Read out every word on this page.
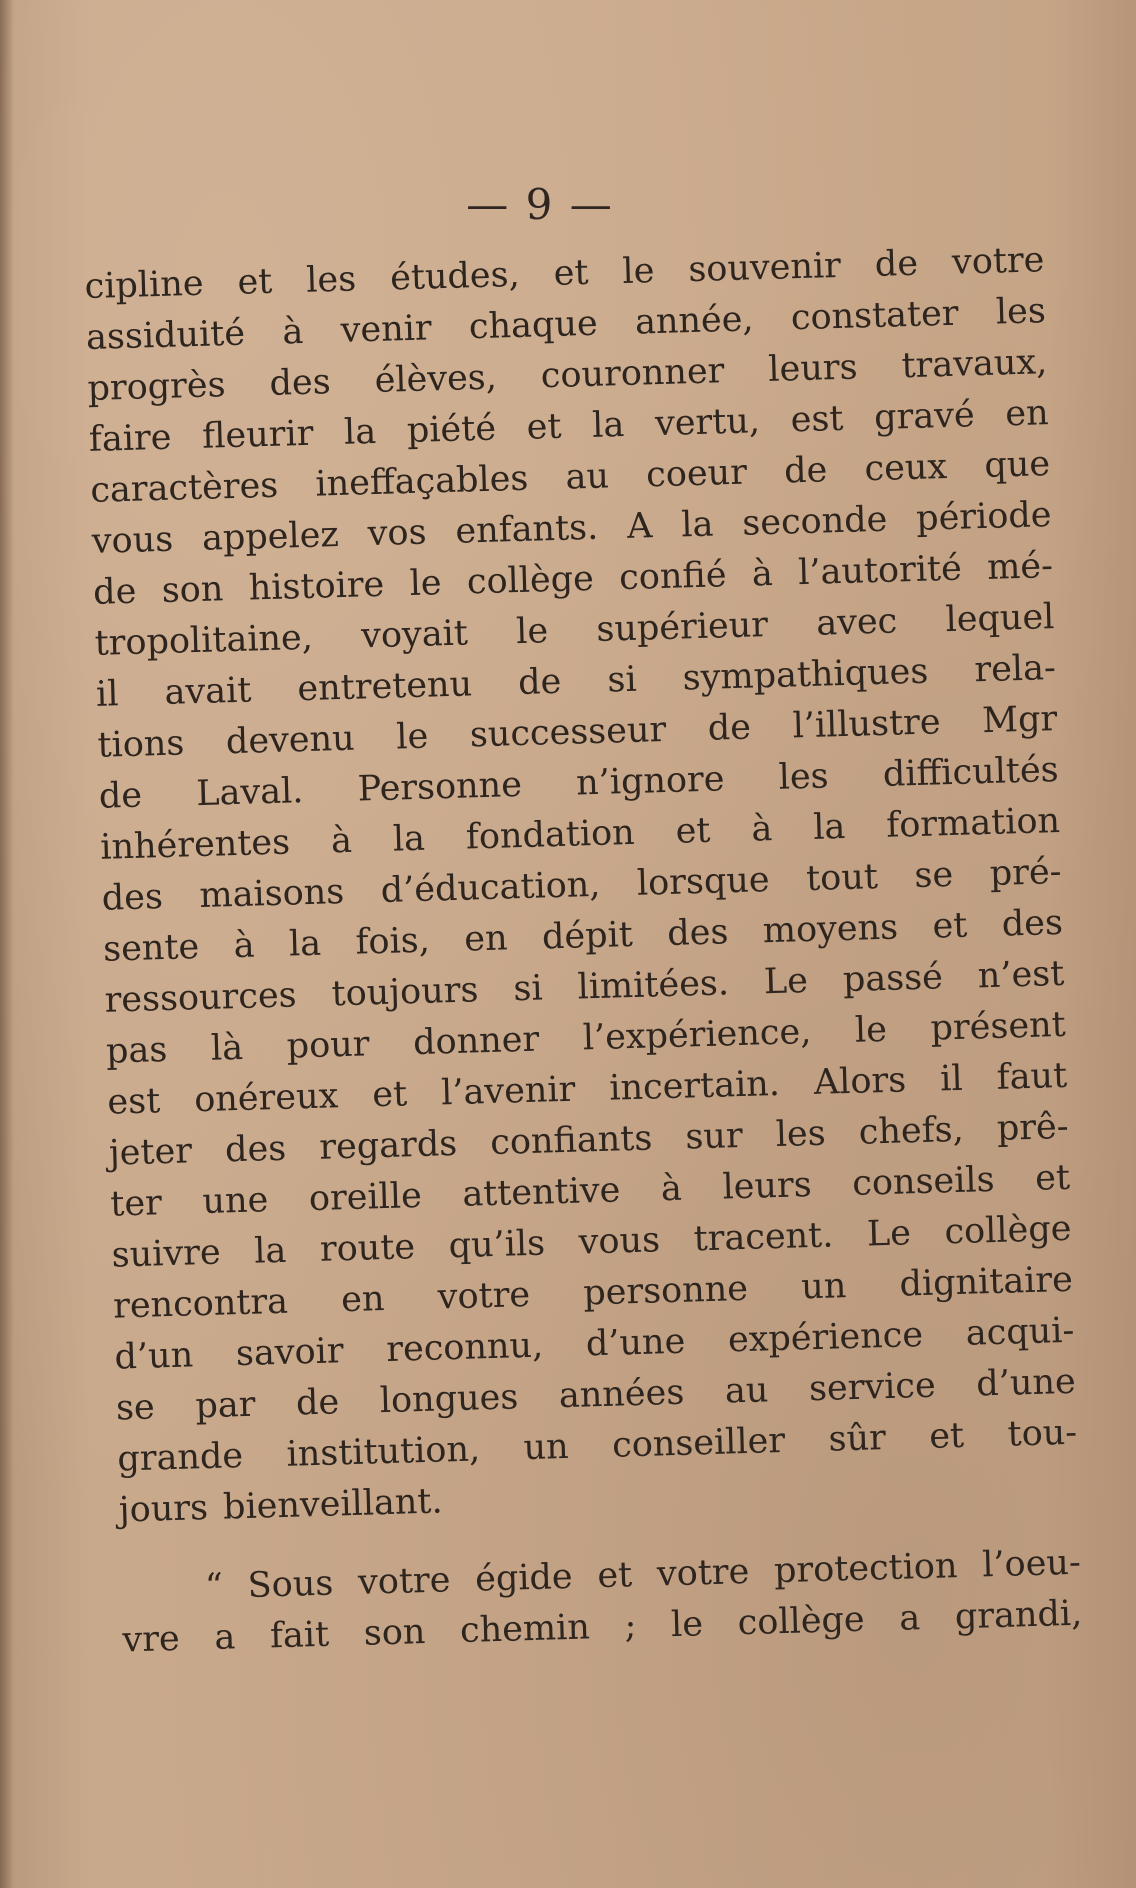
— 9 —
cipline et les études, et le souvenir de votre
assiduité à venir chaque année, constater les
progrès des élèves, couronner leurs travaux,
faire fleurir la piété et la vertu, est gravé en
caractères ineffaçables au coeur de ceux que
vous appelez vos enfants. A la seconde période
de son histoire le collège confié à l’autorité mé-
tropolitaine, voyait le supérieur avec lequel
il avait entretenu de si sympathiques rela-
tions devenu le successeur de l’illustre Mgr
de Laval. Personne n’ignore les difficultés
inhérentes à la fondation et à la formation
des maisons d’éducation, lorsque tout se pré-
sente à la fois, en dépit des moyens et des
ressources toujours si limitées. Le passé n’est
pas là pour donner l’expérience, le présent
est onéreux et l’avenir incertain. Alors il faut
jeter des regards confiants sur les chefs, prê-
ter une oreille attentive à leurs conseils et
suivre la route qu’ils vous tracent. Le collège
rencontra en votre personne un dignitaire
d’un savoir reconnu, d’une expérience acqui-
se par de longues années au service d’une
grande institution, un conseiller sûr et tou-
jours bienveillant.
“ Sous votre égide et votre protection l’oeu-
vre a fait son chemin ; le collège a grandi,
